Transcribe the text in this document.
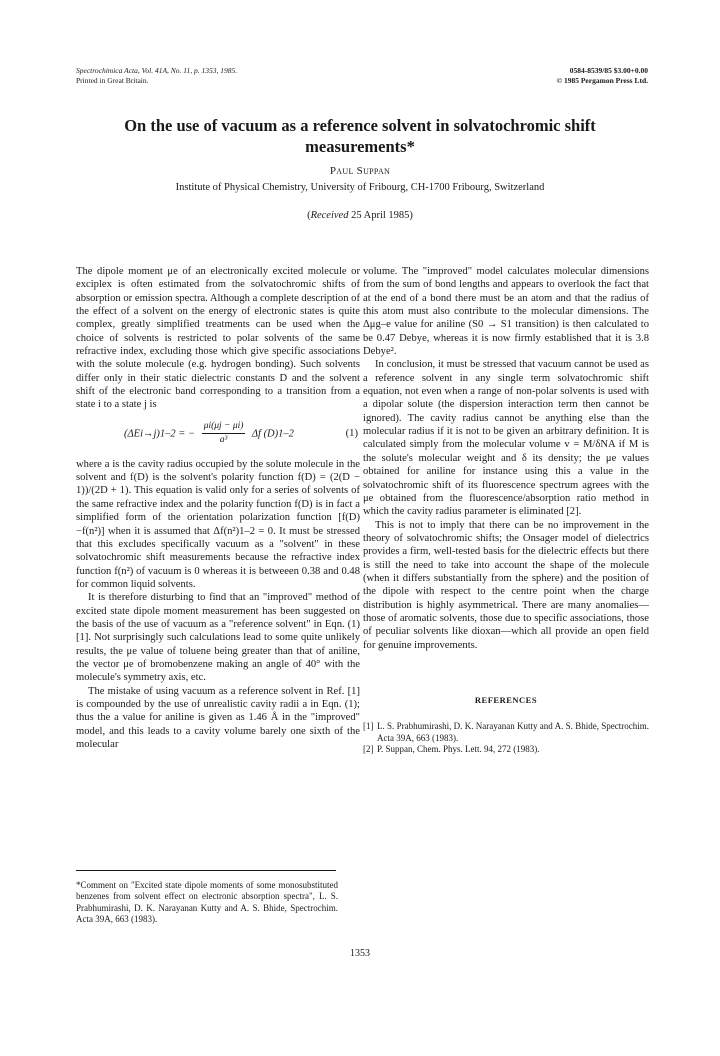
Spectrochimica Acta, Vol. 41A, No. 11, p. 1353, 1985.
Printed in Great Britain.
0584-8539/85 $3.00+0.00
© 1985 Pergamon Press Ltd.
On the use of vacuum as a reference solvent in solvatochromic shift measurements*
Paul Suppan
Institute of Physical Chemistry, University of Fribourg, CH-1700 Fribourg, Switzerland
(Received 25 April 1985)

The dipole moment μe of an electronically excited molecule or exciplex is often estimated from the solvatochromic shifts of absorption or emission spectra. Although a complete description of the effect of a solvent on the energy of electronic states is quite complex, greatly simplified treatments can be used when the choice of solvents is restricted to polar solvents of the same refractive index, excluding those which give specific associations with the solute molecule (e.g. hydrogen bonding). Such solvents differ only in their static dielectric constants D and the solvent shift of the electronic band corresponding to a transition from a state i to a state j is

(ΔEi→j)1–2 = − $\frac{\mu i(\mu j - \mu i)}{\text{a³}}$ Δf (D)1–2	(1)

where a is the cavity radius occupied by the solute molecule in the solvent and f(D) is the solvent's polarity function f(D) = (2(D − 1))/(2D + 1). This equation is valid only for a series of solvents of the same refractive index and the polarity function f(D) is in fact a simplified form of the orientation polarization function [f(D)−f(n²)] when it is assumed that Δf(n²)1–2 = 0. It must be stressed that this excludes specifically vacuum as a "solvent" in these solvatochromic shift measurements because the refractive index function f(n²) of vacuum is 0 whereas it is betweeen 0.38 and 0.48 for common liquid solvents.

It is therefore disturbing to find that an "improved" method of excited state dipole moment measurement has been suggested on the basis of the use of vacuum as a "reference solvent" in Eqn. (1) [1]. Not surprisingly such calculations lead to some quite unlikely results, the μe value of toluene being greater than that of aniline, the vector μe of bromobenzene making an angle of 40° with the molecule's symmetry axis, etc.

The mistake of using vacuum as a reference solvent in Ref. [1] is compounded by the use of unrealistic cavity radii a in Eqn. (1); thus the a value for aniline is given as 1.46 Å in the "improved" model, and this leads to a cavity volume barely one sixth of the molecular

volume. The "improved" model calculates molecular dimensions from the sum of bond lengths and appears to overlook the fact that at the end of a bond there must be an atom and that the radius of this atom must also contribute to the molecular dimensions. The Δμg–e value for aniline (S0 → S1 transition) is then calculated to be 0.47 Debye, whereas it is now firmly established that it is 3.8 Debye².

In conclusion, it must be stressed that vacuum cannot be used as a reference solvent in any single term solvatochromic shift equation, not even when a range of non-polar solvents is used with a dipolar solute (the dispersion interaction term then cannot be ignored). The cavity radius cannot be anything else than the molecular radius if it is not to be given an arbitrary definition. It is calculated simply from the molecular volume v = M/δNA if M is the solute's molecular weight and δ its density; the μe values obtained for aniline for instance using this a value in the solvatochromic shift of its fluorescence spectrum agrees with the μe obtained from the fluorescence/absorption ratio method in which the cavity radius parameter is eliminated [2].

This is not to imply that there can be no improvement in the theory of solvatochromic shifts; the Onsager model of dielectrics provides a firm, well-tested basis for the dielectric effects but there is still the need to take into account the shape of the molecule (when it differs substantially from the sphere) and the position of the dipole with respect to the centre point when the charge distribution is highly asymmetrical. There are many anomalies—those of aromatic solvents, those due to specific associations, those of peculiar solvents like dioxan—which all provide an open field for genuine improvements.

REFERENCES
[1] L. S. Prabhumirashi, D. K. Narayanan Kutty and A. S. Bhide, Spectrochim. Acta 39A, 663 (1983).
[2] P. Suppan, Chem. Phys. Lett. 94, 272 (1983).
*Comment on "Excited state dipole moments of some monosubstituted benzenes from solvent effect on electronic absorption spectra", L. S. Prabhumirashi, D. K. Narayanan Kutty and A. S. Bhide, Spectrochim. Acta 39A, 663 (1983).
1353
